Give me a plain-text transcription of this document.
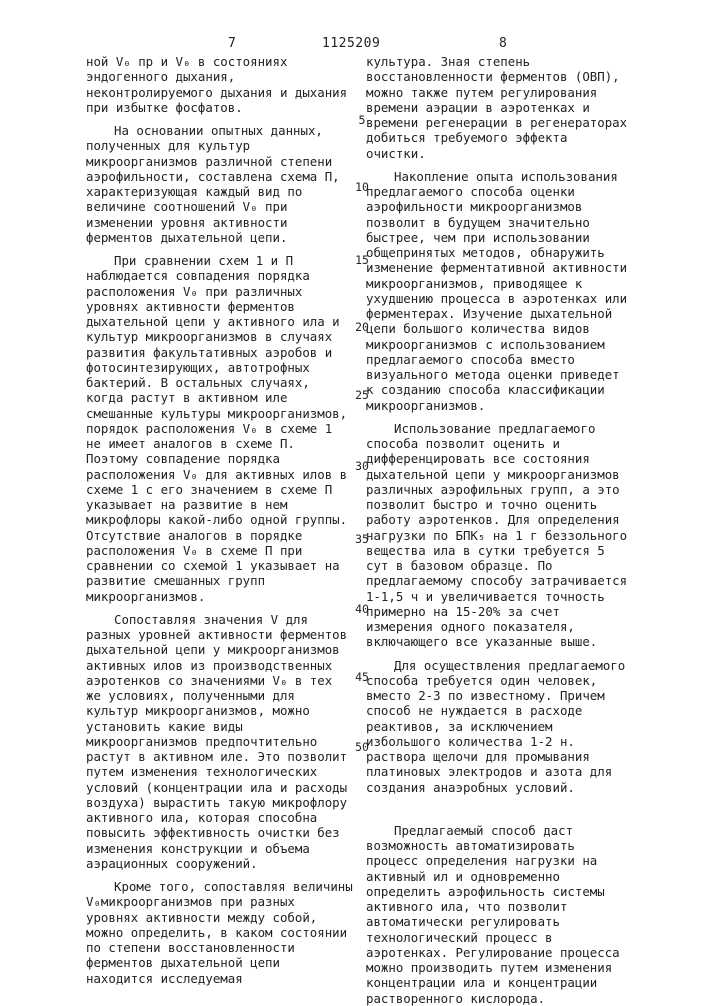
7	1125209	8

ной V₀ пр и V₀ в состояниях эндогенного дыхания, неконтролируемого дыхания и дыхания при избытке фосфатов.

На основании опытных данных, полученных для культур микроорганизмов различной степени аэрофильности, составлена схема П, характеризующая каждый вид по величине соотношений V₀ при изменении уровня активности ферментов дыхательной цепи.

При сравнении схем 1 и П наблюдается совпадения порядка расположения V₀ при различных уровнях активности ферментов дыхательной цепи у активного ила и культур микроорганизмов в случаях развития факультативных аэробов и фотосинтезирующих, автотрофных бактерий. В остальных случаях, когда растут в активном иле смешанные культуры микроорганизмов, порядок расположения V₀ в схеме 1 не имеет аналогов в схеме П. Поэтому совпадение порядка расположения V₀ для активных илов в схеме 1 с его значением в схеме П указывает на развитие в нем микрофлоры какой-либо одной группы. Отсутствие аналогов в порядке расположения V₀ в схеме П при сравнении со схемой 1 указывает на развитие смешанных групп микроорганизмов.

Сопоставляя значения V для разных уровней активности ферментов дыхательной цепи у микроорганизмов активных илов из производственных аэротенков со значениями V₀ в тех же условиях, полученными для культур микроорганизмов, можно установить какие виды микроорганизмов предпочтительно растут в активном иле. Это позволит путем изменения технологических условий (концентрации ила и расходы воздуха) вырастить такую микрофлору активного ила, которая способна повысить эффективность очистки без изменения конструкции и объема аэрационных сооружений.

Кроме того, сопоставляя величины V₀микроорганизмов при разных уровнях активности между собой, можно определить, в каком состоянии по степени восстановленности ферментов дыхательной цепи находится исследуемая

культура. Зная степень восстановленности ферментов (ОВП), можно также путем регулирования времени аэрации в аэротенках и времени регенерации в регенераторах добиться требуемого эффекта очистки.

Накопление опыта использования предлагаемого способа оценки аэрофильности микроорганизмов позволит в будущем значительно быстрее, чем при использовании общепринятых методов, обнаружить изменение ферментативной активности микроорганизмов, приводящее к ухудшению процесса в аэротенках или ферментерах. Изучение дыхательной цепи большого количества видов микроорганизмов с использованием предлагаемого способа вместо визуального метода оценки приведет к созданию способа классификации микроорганизмов.

Использование предлагаемого способа позволит оценить и дифференцировать все состояния дыхательной цепи у микроорганизмов различных аэрофильных групп, а это позволит быстро и точно оценить работу аэротенков. Для определения нагрузки по БПК₅ на 1 г беззольного вещества ила в сутки требуется 5 сут в базовом образце. По предлагаемому способу затрачивается 1-1,5 ч и увеличивается точность примерно на 15-20% за счет измерения одного показателя, включающего все указанные выше.

Для осуществления предлагаемого способа требуется один человек, вместо 2-3 по известному. Причем способ не нуждается в расходе реактивов, за исключением избольшого количества 1-2 н. раствора щелочи для промывания платиновых электродов и азота для создания анаэробных условий.

Предлагаемый способ даст возможность автоматизировать процесс определения нагрузки на активный ил и одновременно определить аэрофильность системы активного ила, что позволит автоматически регулировать технологический процесс в аэротенках. Регулирование процесса можно производить путем изменения концентрации ила и концентрации растворенного кислорода.

5
10
15
20
25
30
35
40
45
50
